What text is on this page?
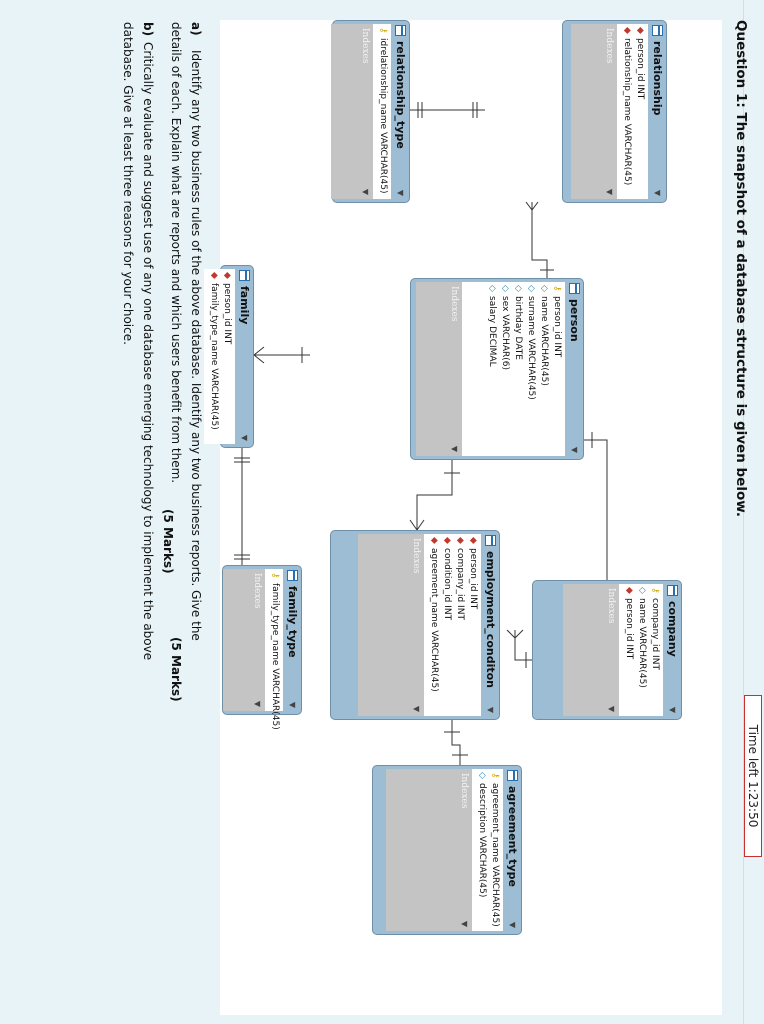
Time left 1:23:50
Question 1: The snapshot of a database structure is given below.
relationship
▼
◆
person_id INT
◆
relationship_name VARCHAR(45)
Indexes
▼
relationship_type
▼
⚷
idrelationship_name VARCHAR(45)
Indexes
▼
person
▼
⚷
person_id INT
◇
name VARCHAR(45)
◇
surname VARCHAR(45)
◇
birthday DATE
◇
sex VARCHAR(6)
◇
salary DECIMAL
Indexes
▼
family
▼
◆
person_id INT
◆
family_type_name VARCHAR(45)
company
▼
⚷
company_id INT
◇
name VARCHAR(45)
◆
person_id INT
Indexes
▼
employment_conditon
▼
◆
person_id INT
◆
company_id INT
◆
condition_id INT
◆
agreement_name VARCHAR(45)
Indexes
▼
family_type
▼
⚷
family_type_name VARCHAR(45)
Indexes
▼
agreement_type
▼
⚷
agreement_name VARCHAR(45)
◇
description VARCHAR(45)
Indexes
▼
a)
Identify any two business rules of the above database. Identify any two business reports. Give the
details of each. Explain what are reports and which users benefit from them.
(5 Marks)
b)
Critically evaluate and suggest use of any one database emerging technology to implement the above
database. Give at least three reasons for your choice.
(5 Marks)
